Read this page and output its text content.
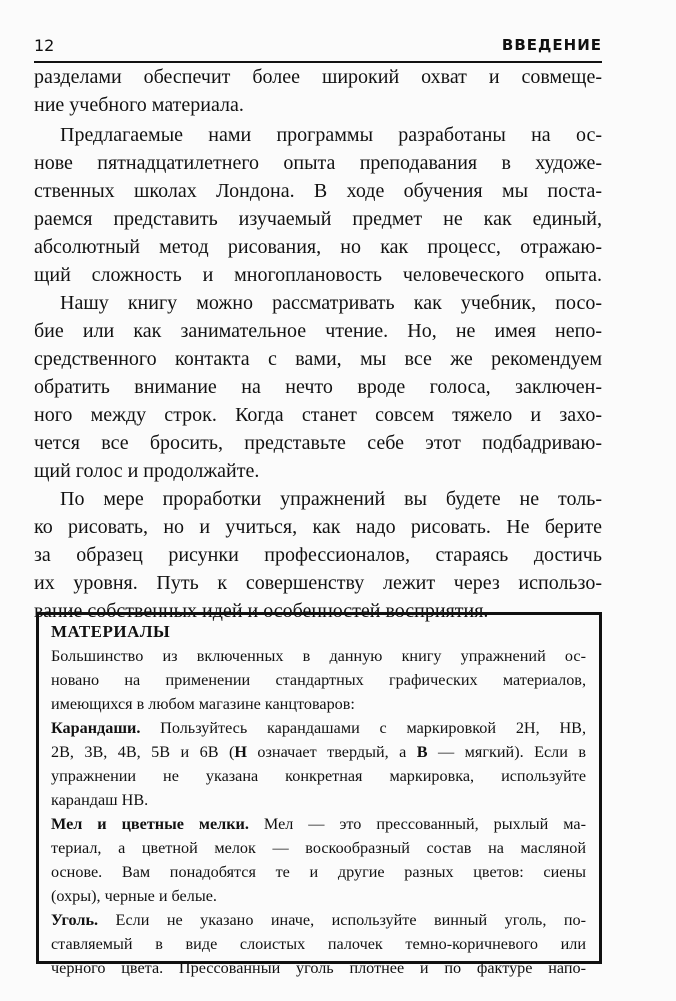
12	ВВЕДЕНИЕ
разделами обеспечит более широкий охват и совмеще-
ние учебного материала.
Предлагаемые нами программы разработаны на ос-
нове пятнадцатилетнего опыта преподавания в художе-
ственных школах Лондона. В ходе обучения мы поста-
раемся представить изучаемый предмет не как единый,
абсолютный метод рисования, но как процесс, отражаю-
щий сложность и многоплановость человеческого опыта.
Нашу книгу можно рассматривать как учебник, посо-
бие или как занимательное чтение. Но, не имея непо-
средственного контакта с вами, мы все же рекомендуем
обратить внимание на нечто вроде голоса, заключен-
ного между строк. Когда станет совсем тяжело и захо-
чется все бросить, представьте себе этот подбадриваю-
щий голос и продолжайте.
По мере проработки упражнений вы будете не толь-
ко рисовать, но и учиться, как надо рисовать. Не берите
за образец рисунки профессионалов, стараясь достичь
их уровня. Путь к совершенству лежит через использо-
МАТЕРИАЛЫ
Большинство из включенных в данную книгу упражнений ос-
новано на применении стандартных графических материалов,
имеющихся в любом магазине канцтоваров:
Карандаши. Пользуйтесь карандашами с маркировкой 2Н, НВ,
2В, 3В, 4В, 5В и 6В (Н означает твердый, а В — мягкий). Если в
упражнении не указана конкретная маркировка, используйте
карандаш НВ.
Мел и цветные мелки. Мел — это прессованный, рыхлый ма-
териал, а цветной мелок — воскообразный состав на масляной
основе. Вам понадобятся те и другие разных цветов: сиены
(охры), черные и белые.
Уголь. Если не указано иначе, используйте винный уголь, по-
вание собственных идей и особенностей восприятия.
ставляемый в виде слоистых палочек темно-коричневого или
черного цвета. Прессованный уголь плотнее и по фактуре напо-
